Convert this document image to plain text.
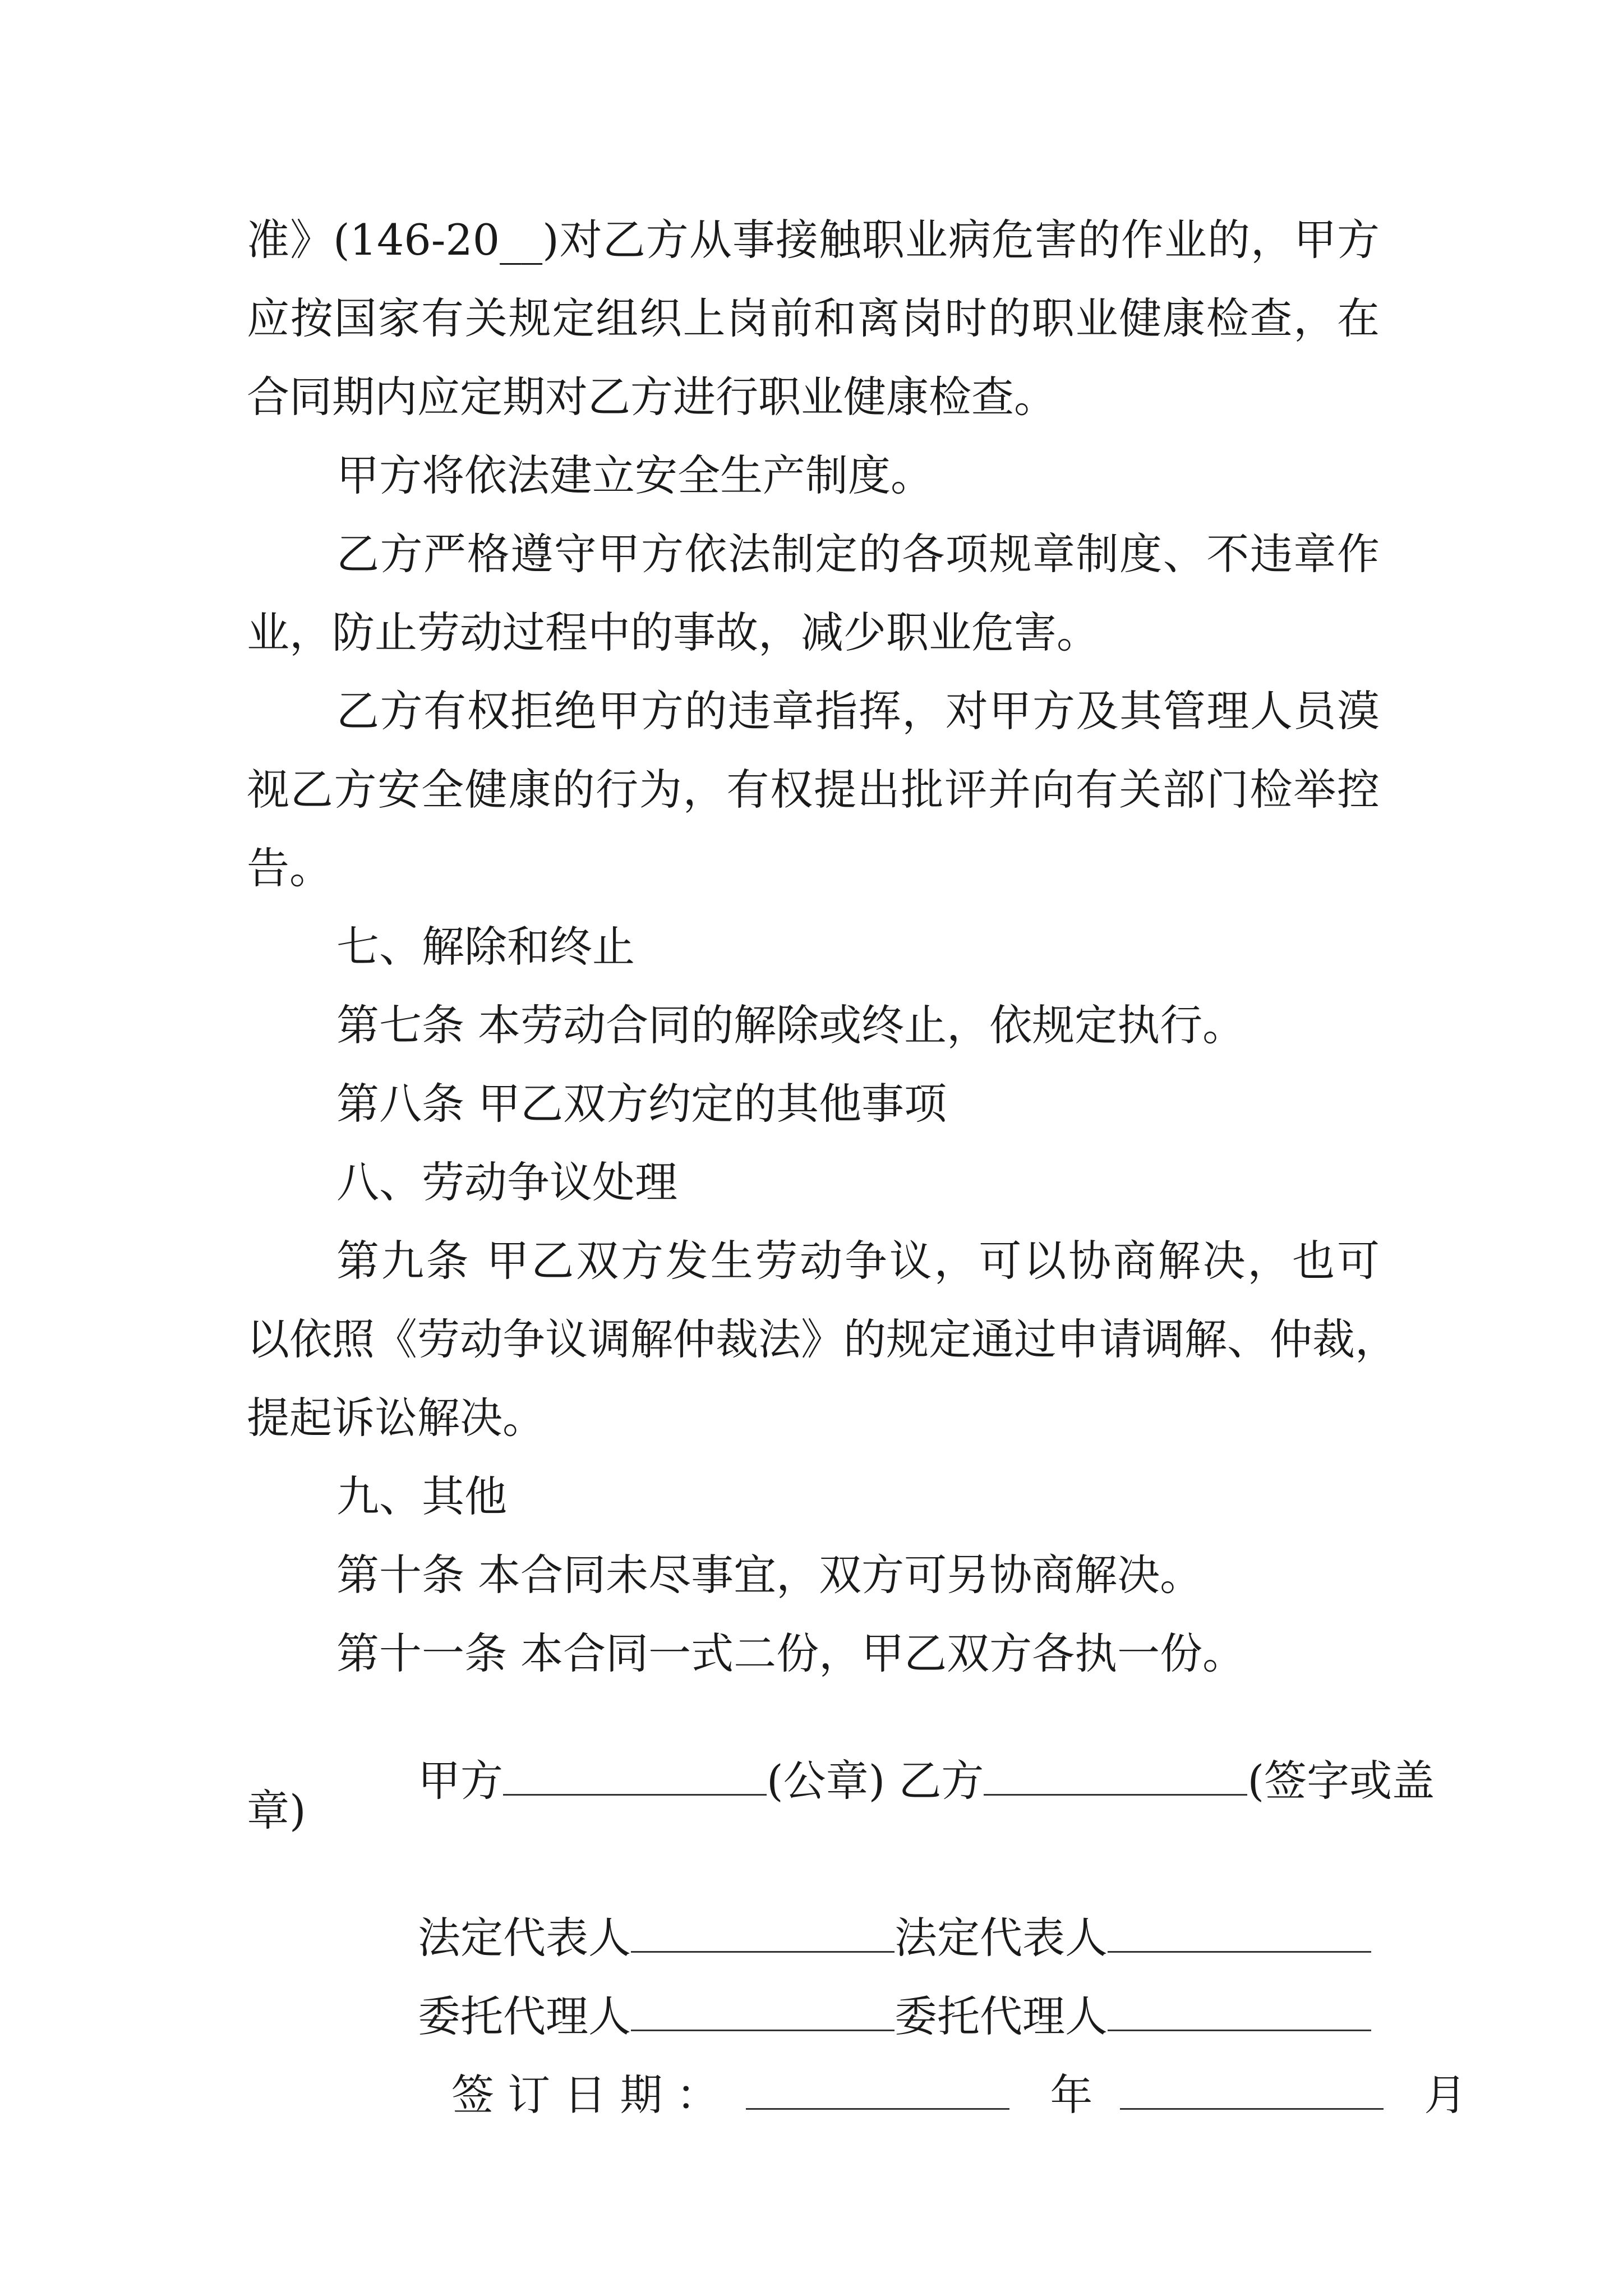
准》(146-20__)对乙方从事接触职业病危害的作业的，甲方
应按国家有关规定组织上岗前和离岗时的职业健康检查，在
合同期内应定期对乙方进行职业健康检查。
甲方将依法建立安全生产制度。
乙方严格遵守甲方依法制定的各项规章制度、不违章作
业，防止劳动过程中的事故，减少职业危害。
乙方有权拒绝甲方的违章指挥，对甲方及其管理人员漠
视乙方安全健康的行为，有权提出批评并向有关部门检举控
告。
七、解除和终止
第七条 本劳动合同的解除或终止，依规定执行。
第八条 甲乙双方约定的其他事项
八、劳动争议处理
第九条 甲乙双方发生劳动争议，可以协商解决，也可
以依照《劳动争议调解仲裁法》的规定通过申请调解、仲裁，
提起诉讼解决。
九、其他
第十条 本合同未尽事宜，双方可另协商解决。
第十一条 本合同一式二份，甲乙双方各执一份。

甲方	(公章) 乙方	(签字或盖

章)

法定代表人	法定代表人

委托代理人	委托代理人

签 订 日 期 ：	年	月
